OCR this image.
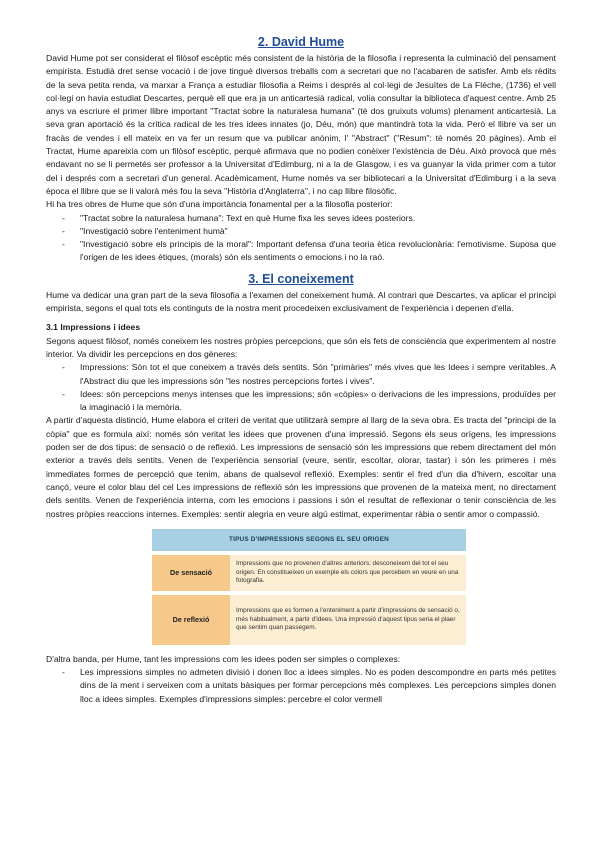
2. David Hume

David Hume pot ser considerat el filòsof escèptic més consistent de la història de la filosofia i representa la culminació del pensament empirista. Estudià dret sense vocació i de jove tingué diversos treballs com a secretari que no l'acabaren de satisfer. Amb els rèdits de la seva petita renda, va marxar a França a estudiar filosofia a Reims i després al col·legi de Jesuïtes de La Flèche, (1736) el vell col·legi on havia estudiat Descartes, perquè ell que era ja un anticartesià radical, volia consultar la biblioteca d'aquest centre. Amb 25 anys va escriure el primer llibre important "Tractat sobre la naturalesa humana" (tè dos gruixuts volums) plenament anticartesià. La seva gran aportació és la crítica radical de les tres idees innates (jo, Déu, món) que mantindrà tota la vida. Però el llibre va ser un fracàs de vendes i ell mateix en va fer un resum que va publicar anònim, l' "Abstract" ("Resum": tè només 20 pàgines). Amb el Tractat, Hume apareixia com un filòsof escèptic, perquè afirmava que no podien conèixer l'existència de Déu. Això provocà que més endavant no se li permetés ser professor a la Universitat d'Edimburg, ni a la de Glasgow, i es va guanyar la vida primer com a tutor del i després com a secretari d'un general. Acadèmicament, Hume només va ser bibliotecari a la Universitat d'Edimburg i a la seva època el llibre que se li valorà més fou la seva "Història d'Anglaterra", i no cap llibre filosòfic.

Hi ha tres obres de Hume que són d'una importància fonamental per a la filosofia posterior:

- "Tractat sobre la naturalesa humana": Text en què Hume fixa les seves idees posteriors.
- "Investigació sobre l'enteniment humà"
- "Investigació sobre els principis de la moral": Important defensa d'una teoria ètica revolucionària: l'emotivisme. Suposa que l'origen de les idees ètiques, (morals) són els sentiments o emocions i no la raó.
3. El coneixement

Hume va dedicar una gran part de la seva filosofia a l'examen del coneixement humà. Al contrari que Descartes, va aplicar el principi empirista, segons el qual tots els continguts de la nostra ment procedeixen exclusivament de l'experiència i depenen d'ella.

3.1 Impressions i idees

Segons aquest filòsof, només coneixem les nostres pròpies percepcions, que són els fets de consciència que experimentem al nostre interior. Va dividir les percepcions en dos gèneres:

- Impressions: Són tot el que coneixem a través dels sentits. Són "primàries" més vives que les Idees i sempre veritables. A l'Abstract diu que les impressions són "les nostres percepcions fortes i vives".
- Idees: són percepcions menys intenses que les impressions; són «còpies» o derivacions de les impressions, produïdes per la imaginació i la memòria.

A partir d'aquesta distinció, Hume elabora el criteri de veritat que utilitzarà sempre al llarg de la seva obra. Es tracta del "principi de la còpia" que es formula així: només són veritat les idees que provenen d'una impressió. Segons els seus orígens, les impressions poden ser de dos tipus: de sensació o de reflexió. Les impressions de sensació són les impressions que rebem directament del món exterior a través dels sentits. Venen de l'experiència sensorial (veure, sentir, escoltar, olorar, tastar) i són les primeres i més immediates formes de percepció que tenim, abans de qualsevol reflexió. Exemples: sentir el fred d'un dia d'hivern, escoltar una cançó, veure el color blau del cel Les impressions de reflexió són les impressions que provenen de la mateixa ment, no directament dels sentits. Venen de l'experiència interna, com les emocions i passions i són el resultat de reflexionar o tenir consciència de les nostres pròpies reaccions internes. Exemples: sentir alegria en veure algú estimat, experimentar ràbia o sentir amor o compassió.

TIPUS D'IMPRESSIONS SEGONS EL SEU ORIGEN	

De sensació	Impressions que no provenen d'altres anteriors: desconeixem del tot el seu origen. En constitueixen un exemple els colors que percebem en veure en una fotografia.

De reflexió	Impressions que es formen a l'enteniment a partir d'impressions de sensació o, més habitualment, a partir d'idees. Una impressió d'aquest tipus seria el plaer que sentim quan passegem.

D'altra banda, per Hume, tant les impressions com les idees poden ser simples o complexes:

- Les impressions simples no admeten divisió i donen lloc a idees simples. No es poden descompondre en parts més petites dins de la ment i serveixen com a unitats bàsiques per formar percepcions més complexes. Les percepcions simples donen lloc a idees simples. Exemples d'impressions simples: percebre el color vermell
